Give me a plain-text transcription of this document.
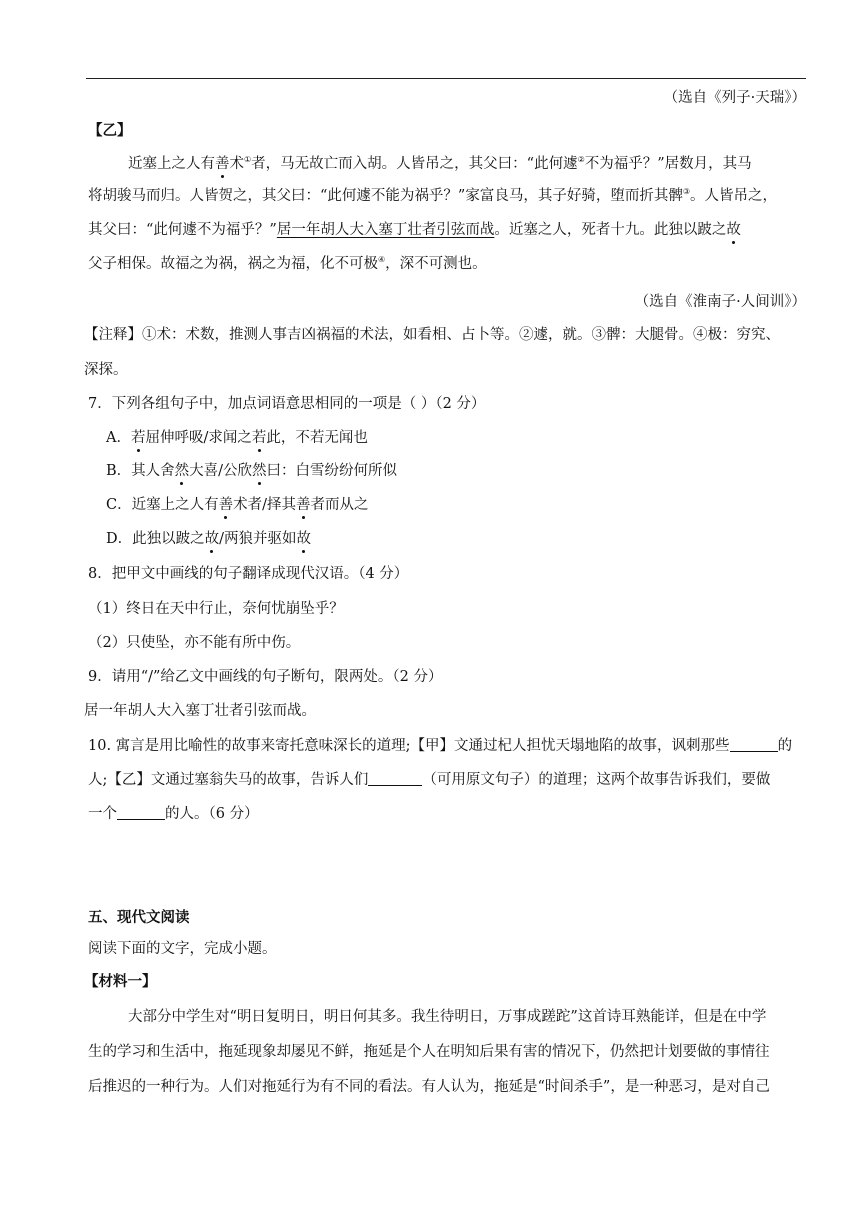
（选自《列子·天瑞》）
【乙】
近塞上之人有善术①者，马无故亡而入胡。人皆吊之，其父曰：“此何遽②不为福乎？”居数月，其马
将胡骏马而归。人皆贺之，其父曰：“此何遽不能为祸乎？”家富良马，其子好骑，堕而折其髀③。人皆吊之，
其父曰：“此何遽不为福乎？”居一年胡人大入塞丁壮者引弦而战。近塞之人，死者十九。此独以跛之故
父子相保。故福之为祸，祸之为福，化不可极④，深不可测也。
（选自《淮南子·人间训》）
【注释】①术：术数，推测人事吉凶祸福的术法，如看相、占卜等。②遽，就。③髀：大腿骨。④极：穷究、
深探。
7．下列各组句子中，加点词语意思相同的一项是（ ）（2 分）
A．若屈伸呼吸/求闻之若此，不若无闻也
B．其人舍然大喜/公欣然曰：白雪纷纷何所似
C．近塞上之人有善术者/择其善者而从之
D．此独以跛之故/两狼并驱如故
8．把甲文中画线的句子翻译成现代汉语。（4 分）
（1）终日在天中行止，奈何忧崩坠乎？
（2）只使坠，亦不能有所中伤。
9．请用“/”给乙文中画线的句子断句，限两处。（2 分）
居一年胡人大入塞丁壮者引弦而战。
10. 寓言是用比喻性的故事来寄托意味深长的道理;【甲】文通过杞人担忧天塌地陷的故事，讽刺那些	的
人;【乙】文通过塞翁失马的故事，告诉人们	（可用原文句子）的道理；这两个故事告诉我们，要做
一个	的人。（6 分）
五、现代文阅读
阅读下面的文字，完成小题。
【材料一】
大部分中学生对“明日复明日，明日何其多。我生待明日，万事成蹉跎”这首诗耳熟能详，但是在中学
生的学习和生活中，拖延现象却屡见不鲜，拖延是个人在明知后果有害的情况下，仍然把计划要做的事情往
后推迟的一种行为。人们对拖延行为有不同的看法。有人认为，拖延是“时间杀手”，是一种恶习，是对自己
